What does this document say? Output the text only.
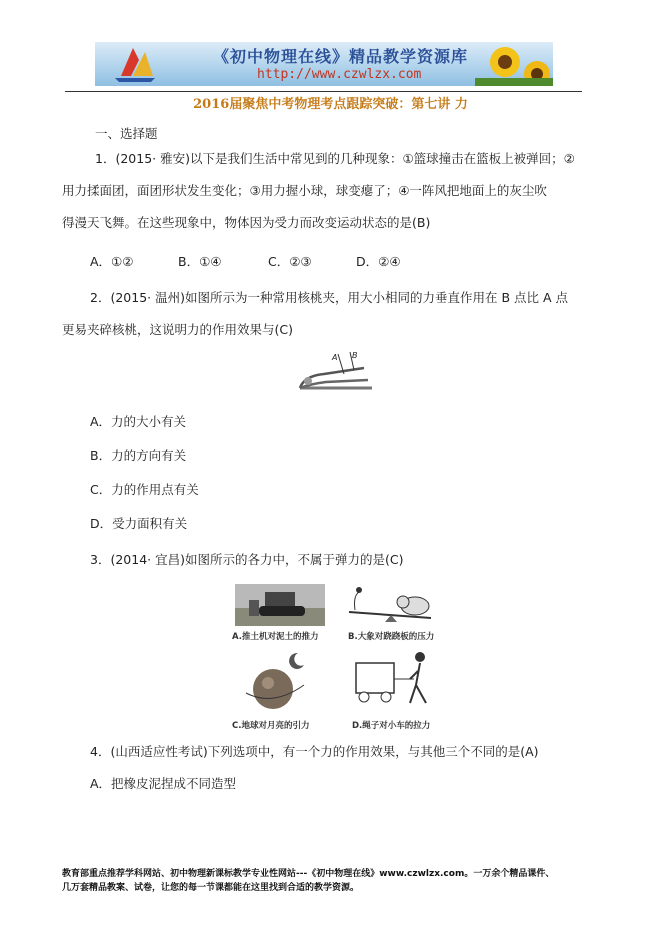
《初中物理在线》精品教学资源库
http://www.czwlzx.com
2016届聚焦中考物理考点跟踪突破：第七讲 力
一、选择题
1．(2015· 雅安)以下是我们生活中常见到的几种现象：①篮球撞击在篮板上被弹回；②
用力揉面团，面团形状发生变化；③用力握小球，球变瘪了；④一阵风把地面上的灰尘吹
得漫天飞舞。在这些现象中，物体因为受力而改变运动状态的是(B)
A．①②	B．①④	C．②③	D．②④
2．(2015· 温州)如图所示为一种常用核桃夹，用大小相同的力垂直作用在 B 点比 A 点
更易夹碎核桃，这说明力的作用效果与(C)
A B
A．力的大小有关
B．力的方向有关
C．力的作用点有关
D．受力面积有关
3．(2014· 宜昌)如图所示的各力中，不属于弹力的是(C)
A.推土机对泥土的推力	B.大象对跷跷板的压力
C.地球对月亮的引力	D.绳子对小车的拉力
4．(山西适应性考试)下列选项中，有一个力的作用效果，与其他三个不同的是(A)
A．把橡皮泥捏成不同造型
教育部重点推荐学科网站、初中物理新课标教学专业性网站---《初中物理在线》www.czwlzx.com。一万余个精品课件、
几万套精品教案、试卷，让您的每一节课都能在这里找到合适的教学资源。
